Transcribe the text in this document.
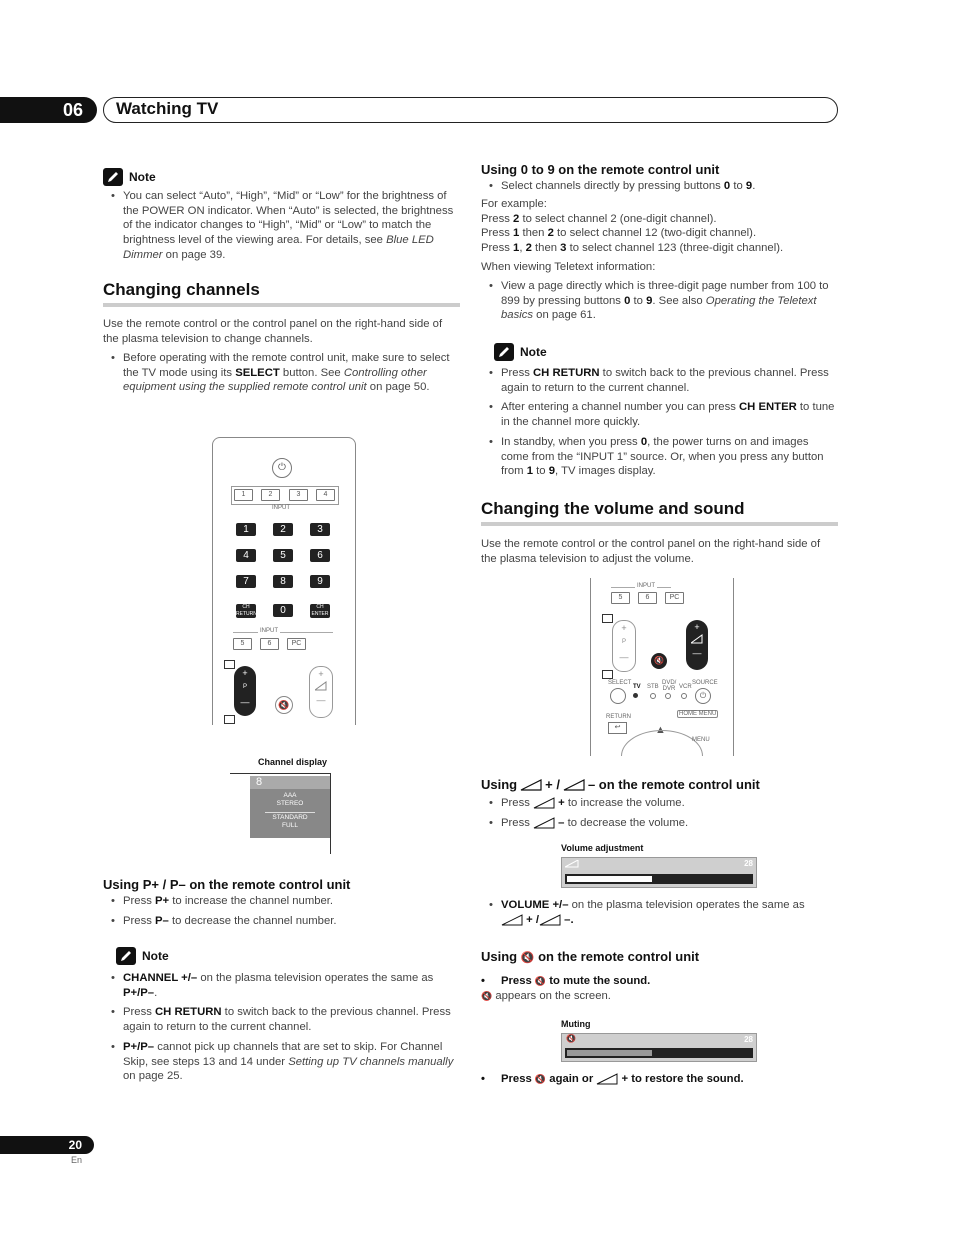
06	Watching TV
Note
• You can select “Auto”, “High”, “Mid” or “Low” for the brightness of the POWER ON indicator. When “Auto” is selected, the brightness of the indicator changes to “High”, “Mid” or “Low” to match the brightness level of the viewing area. For details, see Blue LED Dimmer on page 39.
Changing channels
Use the remote control or the control panel on the right-hand side of the plasma television to change channels.
• Before operating with the remote control unit, make sure to select the TV mode using its SELECT button. See Controlling other equipment using the supplied remote control unit on page 50.
⏻
1	2	3	4
INPUT
1	2	3
4	5	6
7	8	9
CH
RETURN	0	CH
ENTER
INPUT
5	6	PC
+
P
—	🔇
+
—
Channel display
8
AAA
STEREO
STANDARD
FULL
Using P+ / P– on the remote control unit
• Press P+ to increase the channel number.
• Press P– to decrease the channel number.
Note
• CHANNEL +/– on the plasma television operates the same as P+/P–.
• Press CH RETURN to switch back to the previous channel. Press again to return to the current channel.
• P+/P– cannot pick up channels that are set to skip. For Channel Skip, see steps 13 and 14 under Setting up TV channels manually on page 25.
Using 0 to 9 on the remote control unit
• Select channels directly by pressing buttons 0 to 9.
For example:
Press 2 to select channel 2 (one-digit channel).
Press 1 then 2 to select channel 12 (two-digit channel).
Press 1, 2 then 3 to select channel 123 (three-digit channel).
When viewing Teletext information:
• View a page directly which is three-digit page number from 100 to 899 by pressing buttons 0 to 9. See also Operating the Teletext basics on page 61.
Note
• Press CH RETURN to switch back to the previous channel. Press again to return to the current channel.
• After entering a channel number you can press CH ENTER to tune in the channel more quickly.
• In standby, when you press 0, the power turns on and images come from the “INPUT 1” source. Or, when you press any button from 1 to 9, TV images display.
Changing the volume and sound
Use the remote control or the control panel on the right-hand side of the plasma television to adjust the volume.
INPUT
5	6	PC
+
P
—	🔇
+
—
SELECT
TV STB
DVD/ DVR VCR
SOURCE
⏻
RETURN
↩	▲
HOME MENU
MENU
Using + / – on the remote control unit
• Press  + to increase the volume.
• Press  – to decrease the volume.
Volume adjustment
28
• VOLUME +/– on the plasma television operates the same as
+ / –.
Using 🔇 on the remote control unit
• Press 🔇 to mute the sound.
🔇 appears on the screen.
Muting
🔇	28
• Press 🔇 again or  + to restore the sound.
20
En
